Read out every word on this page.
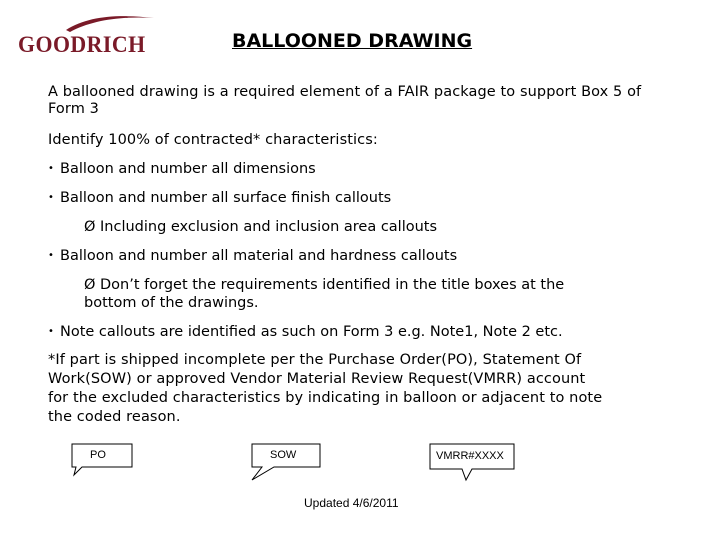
GOODRICH	BALLOONED DRAWING
A ballooned drawing is a required element of a FAIR package to support Box 5 of Form 3
Identify 100% of contracted* characteristics:
• Balloon and number all dimensions
• Balloon and number all surface finish callouts
Ø Including exclusion and inclusion area callouts
• Balloon and number all material and hardness callouts
Ø Don’t forget the requirements identified in the title boxes at the
bottom of the drawings.
• Note callouts are identified as such on Form 3 e.g. Note1, Note 2 etc.
*If part is shipped incomplete per the Purchase Order(PO), Statement Of
Work(SOW) or approved Vendor Material Review Request(VMRR) account
for the excluded characteristics by indicating in balloon or adjacent to note
the coded reason.
PO	SOW	VMRR#XXXX
Updated 4/6/2011
